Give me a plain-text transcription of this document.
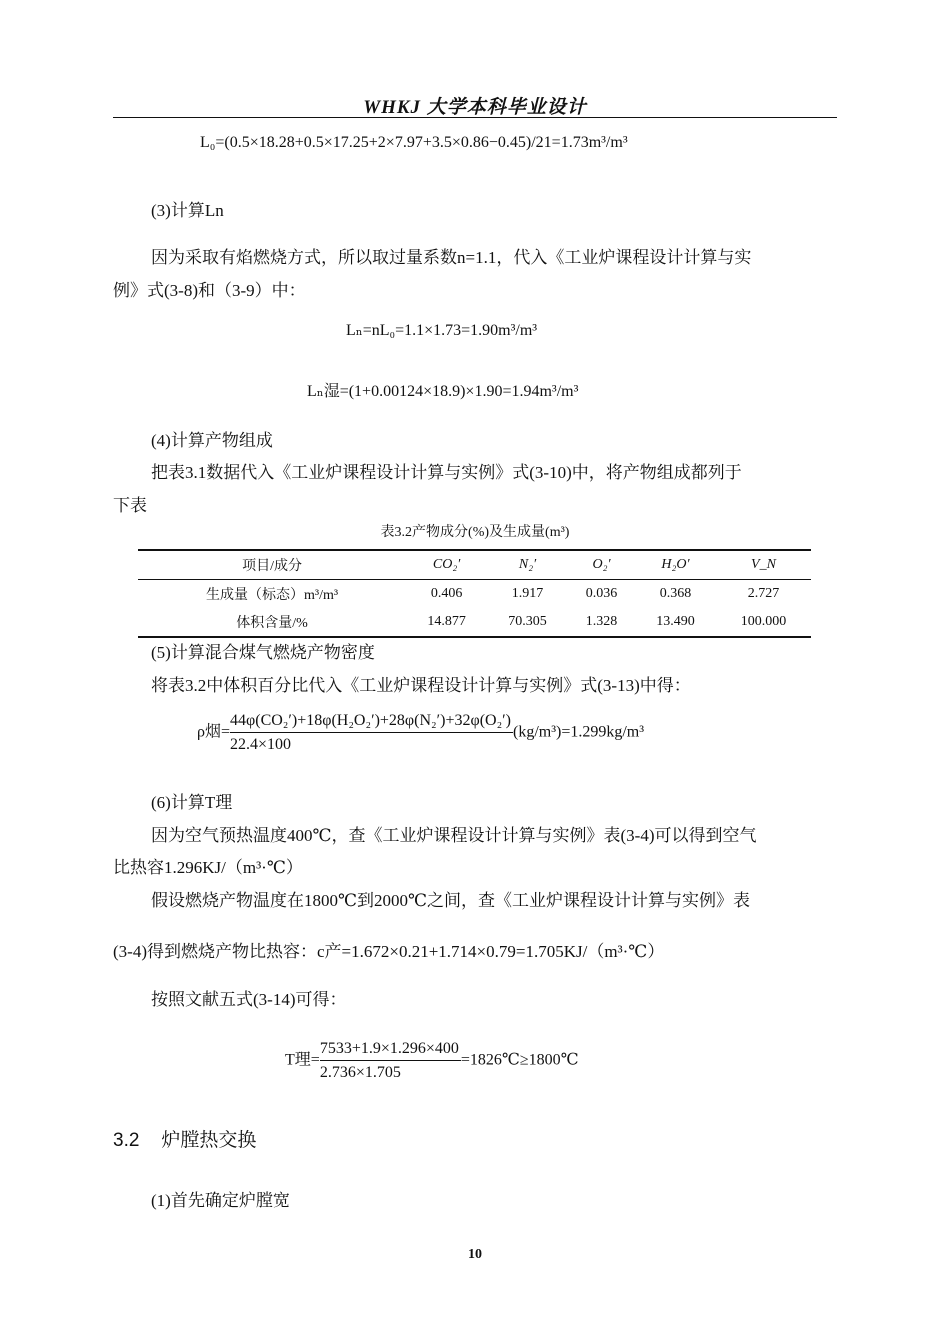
WHKJ 大学本科毕业设计
L₀=(0.5×18.28+0.5×17.25+2×7.97+3.5×0.86−0.45)/21=1.73m³/m³
(3)计算Ln
因为采取有焰燃烧方式，所以取过量系数n=1.1，代入《工业炉课程设计计算与实
例》式(3-8)和（3-9）中：
Lₙ=nL₀=1.1×1.73=1.90m³/m³
Lₙ湿=(1+0.00124×18.9)×1.90=1.94m³/m³
(4)计算产物组成
把表3.1数据代入《工业炉课程设计计算与实例》式(3-10)中，将产物组成都列于
下表
表3.2产物成分(%)及生成量(m³)
项目/成分	CO₂′	N₂′	O₂′	H₂O′	V_N
生成量（标态）m³/m³	0.406	1.917	0.036	0.368	2.727
体积含量/%	14.877	70.305	1.328	13.490	100.000
(5)计算混合煤气燃烧产物密度
将表3.2中体积百分比代入《工业炉课程设计计算与实例》式(3-13)中得：
ρ烟= $\frac{\text{44φ(CO₂′)+18φ(H₂O₂′)+28φ(N₂′)+32φ(O₂′)}}{22.4\times 100} (kg/m^3)=1.299kg/m^3$
(6)计算T理
因为空气预热温度400℃，查《工业炉课程设计计算与实例》表(3-4)可以得到空气
比热容1.296KJ/（m³·℃）
假设燃烧产物温度在1800℃到2000℃之间，查《工业炉课程设计计算与实例》表
(3-4)得到燃烧产物比热容：c产=1.672×0.21+1.714×0.79=1.705KJ/（m³·℃）
按照文献五式(3-14)可得：
T理= $\frac{7533+1.9\times 1.296\times 400}{2.736\times 1.705}$ =1826℃≥1800℃
3.2 炉膛热交换
(1)首先确定炉膛宽
10
